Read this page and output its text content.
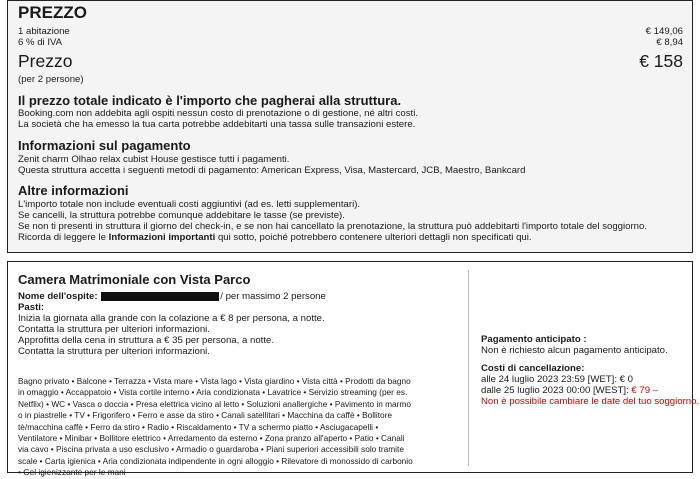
PREZZO
1 abitazione	€ 149,06
6 % di IVA	€ 8,94
Prezzo	€ 158
(per 2 persone)
Il prezzo totale indicato è l'importo che pagherai alla struttura.
Booking.com non addebita agli ospiti nessun costo di prenotazione o di gestione, né altri costi.
La società che ha emesso la tua carta potrebbe addebitarti una tassa sulle transazioni estere.
Informazioni sul pagamento
Zenit charm Olhao relax cubist House gestisce tutti i pagamenti.
Questa struttura accetta i seguenti metodi di pagamento: American Express, Visa, Mastercard, JCB, Maestro, Bankcard
Altre informazioni
L'importo totale non include eventuali costi aggiuntivi (ad es. letti supplementari).
Se cancelli, la struttura potrebbe comunque addebitare le tasse (se previste).
Se non ti presenti in struttura il giorno del check-in, e se non hai cancellato la prenotazione, la struttura può addebitarti l'importo totale del soggiorno.
Ricorda di leggere le Informazioni importanti qui sotto, poiché potrebbero contenere ulteriori dettagli non specificati qui.
Camera Matrimoniale con Vista Parco
Nome dell'ospite:	/ per massimo 2 persone
Pasti:
Inizia la giornata alla grande con la colazione a € 8 per persona, a notte.
Contatta la struttura per ulteriori informazioni.
Approfitta della cena in struttura a € 35 per persona, a notte.
Contatta la struttura per ulteriori informazioni.
Bagno privato • Balcone • Terrazza • Vista mare • Vista lago • Vista giardino • Vista città • Prodotti da bagno in omaggio • Accappatoio • Vista cortile interno • Aria condizionata • Lavatrice • Servizio streaming (per es. Netflix) • WC • Vasca o doccia • Presa elettrica vicino al letto • Soluzioni anallergiche • Pavimento in marmo o in piastrelle • TV • Frigorifero • Ferro e asse da stiro • Canali satellitari • Macchina da caffè • Bollitore tè/macchina caffè • Ferro da stiro • Radio • Riscaldamento • TV a schermo piatto • Asciugacapelli • Ventilatore • Minibar • Bollitore elettrico • Arredamento da esterno • Zona pranzo all'aperto • Patio • Canali via cavo • Piscina privata a uso esclusivo • Armadio o guardaroba • Piani superiori accessibili solo tramite scale • Carta igienica • Aria condizionata indipendente in ogni alloggio • Rilevatore di monossido di carbonio • Gel igienizzante per le mani
Pagamento anticipato :
Non è richiesto alcun pagamento anticipato.
Costi di cancellazione:
alle 24 luglio 2023 23:59 [WET]: € 0
dalle 25 luglio 2023 00:00 [WEST]: € 79 –
Non è possibile cambiare le date del tuo soggiorno.
